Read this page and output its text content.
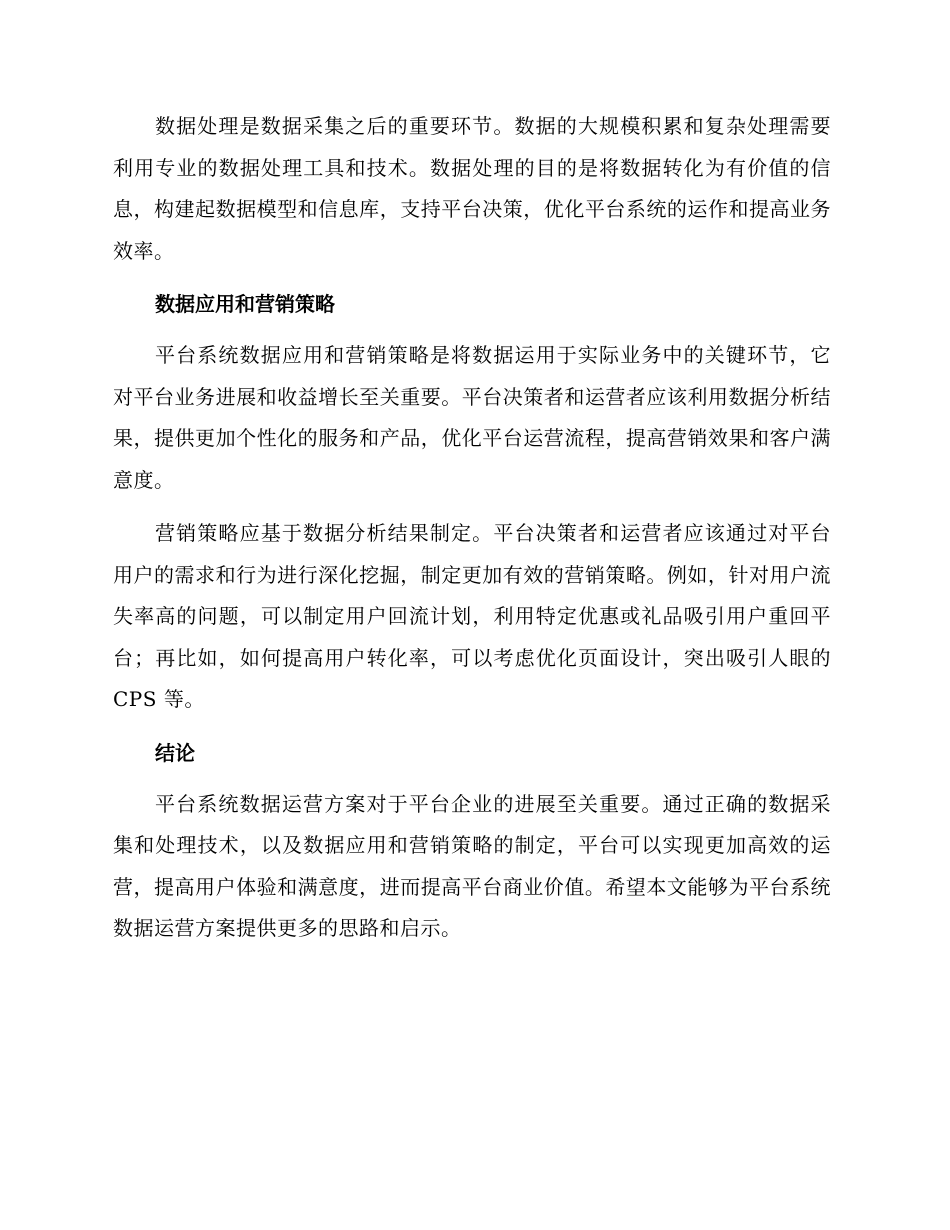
数据处理是数据采集之后的重要环节。数据的大规模积累和复杂处理需要利用专业的数据处理工具和技术。数据处理的目的是将数据转化为有价值的信息，构建起数据模型和信息库，支持平台决策，优化平台系统的运作和提高业务效率。

数据应用和营销策略

平台系统数据应用和营销策略是将数据运用于实际业务中的关键环节，它对平台业务进展和收益增长至关重要。平台决策者和运营者应该利用数据分析结果，提供更加个性化的服务和产品，优化平台运营流程，提高营销效果和客户满意度。

营销策略应基于数据分析结果制定。平台决策者和运营者应该通过对平台用户的需求和行为进行深化挖掘，制定更加有效的营销策略。例如，针对用户流失率高的问题，可以制定用户回流计划，利用特定优惠或礼品吸引用户重回平台；再比如，如何提高用户转化率，可以考虑优化页面设计，突出吸引人眼的 CPS 等。

结论

平台系统数据运营方案对于平台企业的进展至关重要。通过正确的数据采集和处理技术，以及数据应用和营销策略的制定，平台可以实现更加高效的运营，提高用户体验和满意度，进而提高平台商业价值。希望本文能够为平台系统数据运营方案提供更多的思路和启示。
